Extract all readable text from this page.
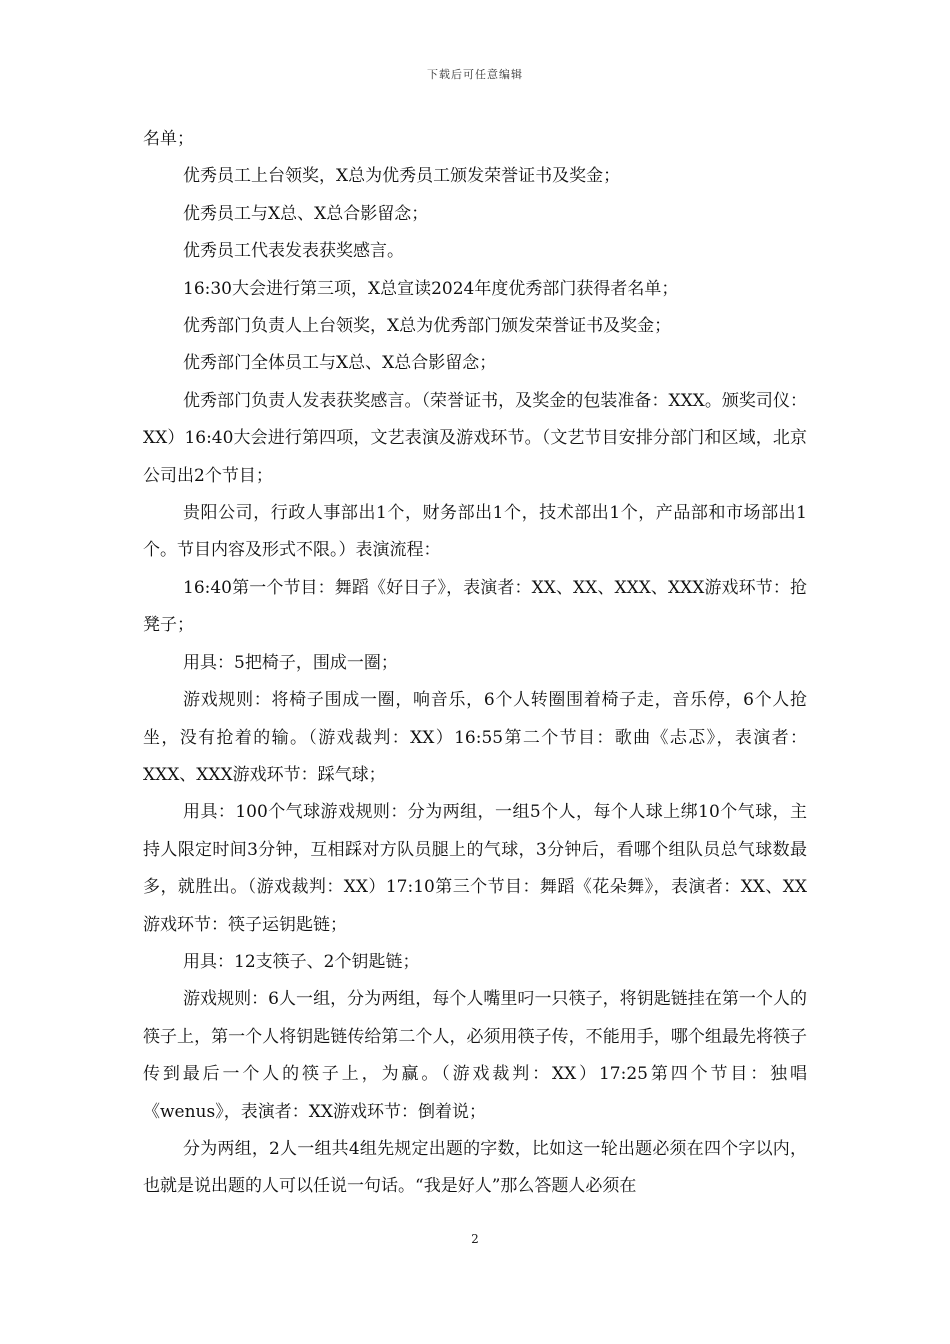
下载后可任意编辑

名单；

优秀员工上台领奖，X总为优秀员工颁发荣誉证书及奖金；

优秀员工与X总、X总合影留念；

优秀员工代表发表获奖感言。

16:30大会进行第三项，X总宣读2024年度优秀部门获得者名单；

优秀部门负责人上台领奖，X总为优秀部门颁发荣誉证书及奖金；

优秀部门全体员工与X总、X总合影留念；

优秀部门负责人发表获奖感言。（荣誉证书，及奖金的包装准备：XXX。颁奖司仪：XX）16:40大会进行第四项，文艺表演及游戏环节。（文艺节目安排分部门和区域，北京公司出2个节目；

贵阳公司，行政人事部出1个，财务部出1个，技术部出1个，产品部和市场部出1个。节目内容及形式不限。）表演流程：

16:40第一个节目：舞蹈《好日子》，表演者：XX、XX、XXX、XXX游戏环节：抢凳子；

用具：5把椅子，围成一圈；

游戏规则：将椅子围成一圈，响音乐，6个人转圈围着椅子走，音乐停，6个人抢坐，没有抢着的输。（游戏裁判：XX）16:55第二个节目：歌曲《忐忑》，表演者：XXX、XXX游戏环节：踩气球；

用具：100个气球游戏规则：分为两组，一组5个人，每个人球上绑10个气球，主持人限定时间3分钟，互相踩对方队员腿上的气球，3分钟后，看哪个组队员总气球数最多，就胜出。（游戏裁判：XX）17:10第三个节目：舞蹈《花朵舞》，表演者：XX、XX游戏环节：筷子运钥匙链；

用具：12支筷子、2个钥匙链；

游戏规则：6人一组，分为两组，每个人嘴里叼一只筷子，将钥匙链挂在第一个人的筷子上，第一个人将钥匙链传给第二个人，必须用筷子传，不能用手，哪个组最先将筷子传到最后一个人的筷子上，为赢。（游戏裁判：XX）17:25第四个节目：独唱《wenus》，表演者：XX游戏环节：倒着说；

分为两组，2人一组共4组先规定出题的字数，比如这一轮出题必须在四个字以内，也就是说出题的人可以任说一句话。“我是好人”那么答题人必须在

2
